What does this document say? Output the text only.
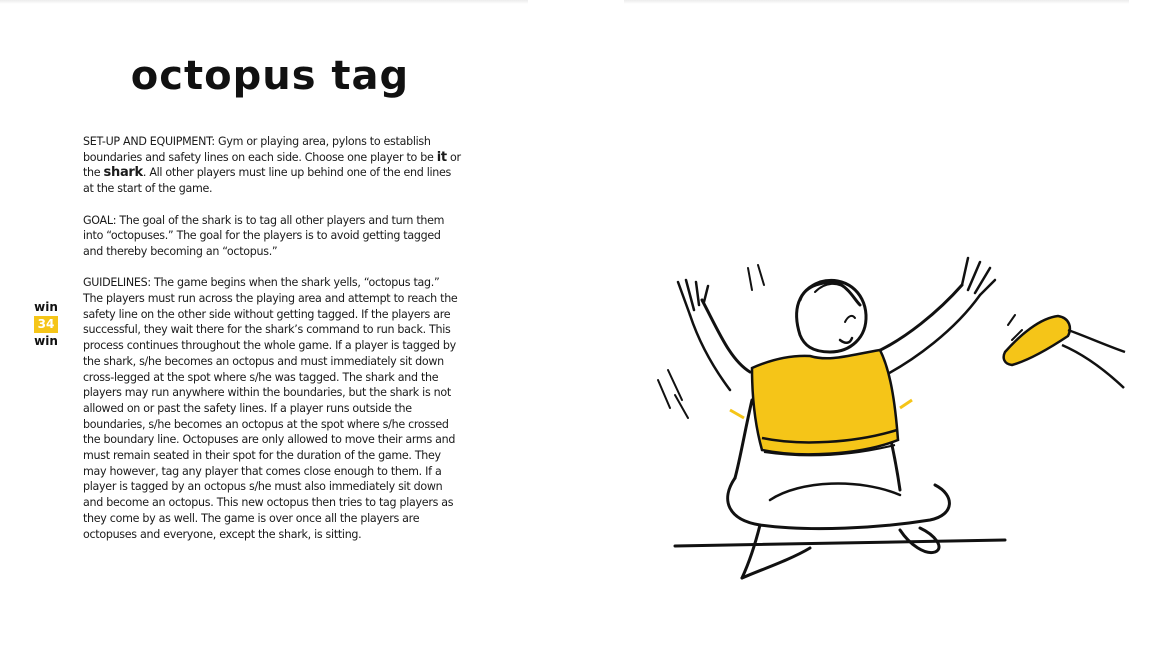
octopus tag

SET-UP AND EQUIPMENT: Gym or playing area, pylons to establish boundaries and safety lines on each side. Choose one player to be it or the shark. All other players must line up behind one of the end lines at the start of the game.

GOAL: The goal of the shark is to tag all other players and turn them into “octopuses.” The goal for the players is to avoid getting tagged and thereby becoming an “octopus.”

GUIDELINES: The game begins when the shark yells, “octopus tag.” The players must run across the playing area and attempt to reach the safety line on the other side without getting tagged. If the players are successful, they wait there for the shark’s command to run back. This process continues throughout the whole game. If a player is tagged by the shark, s/he becomes an octopus and must immediately sit down cross-legged at the spot where s/he was tagged. The shark and the players may run anywhere within the boundaries, but the shark is not allowed on or past the safety lines. If a player runs outside the boundaries, s/he becomes an octopus at the spot where s/he crossed the boundary line. Octopuses are only allowed to move their arms and must remain seated in their spot for the duration of the game. They may however, tag any player that comes close enough to them. If a player is tagged by an octopus s/he must also immediately sit down and become an octopus. This new octopus then tries to tag players as they come by as well. The game is over once all the players are octopuses and everyone, except the shark, is sitting.

win
34
win
